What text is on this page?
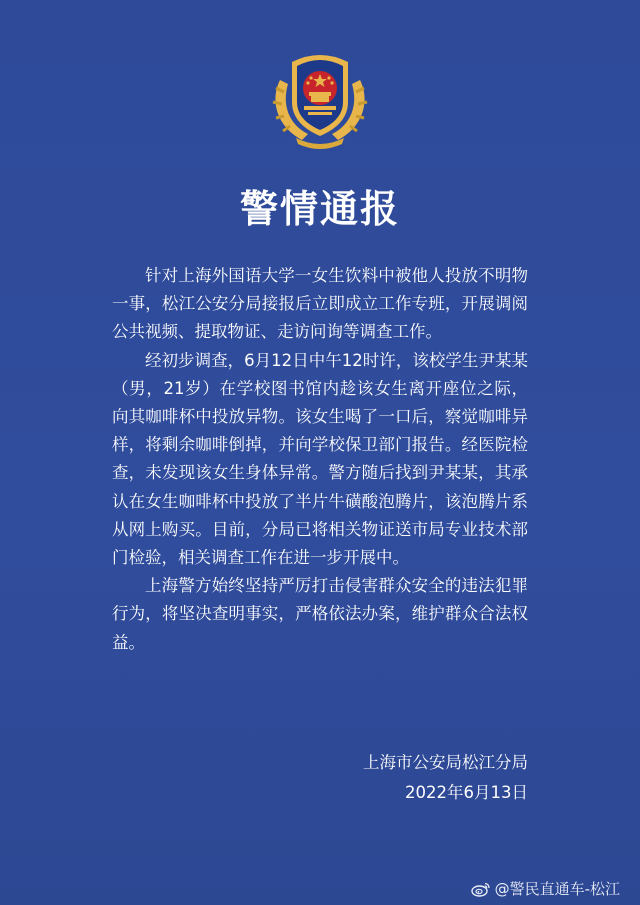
警情通报

针对上海外国语大学一女生饮料中被他人投放不明物一事，松江公安分局接报后立即成立工作专班，开展调阅公共视频、提取物证、走访问询等调查工作。

经初步调查，6月12日中午12时许，该校学生尹某某（男，21岁）在学校图书馆内趁该女生离开座位之际，向其咖啡杯中投放异物。该女生喝了一口后，察觉咖啡异样，将剩余咖啡倒掉，并向学校保卫部门报告。经医院检查，未发现该女生身体异常。警方随后找到尹某某，其承认在女生咖啡杯中投放了半片牛磺酸泡腾片，该泡腾片系从网上购买。目前，分局已将相关物证送市局专业技术部门检验，相关调查工作在进一步开展中。

上海警方始终坚持严厉打击侵害群众安全的违法犯罪行为，将坚决查明事实，严格依法办案，维护群众合法权益。

上海市公安局松江分局
2022年6月13日
@警民直通车-松江
